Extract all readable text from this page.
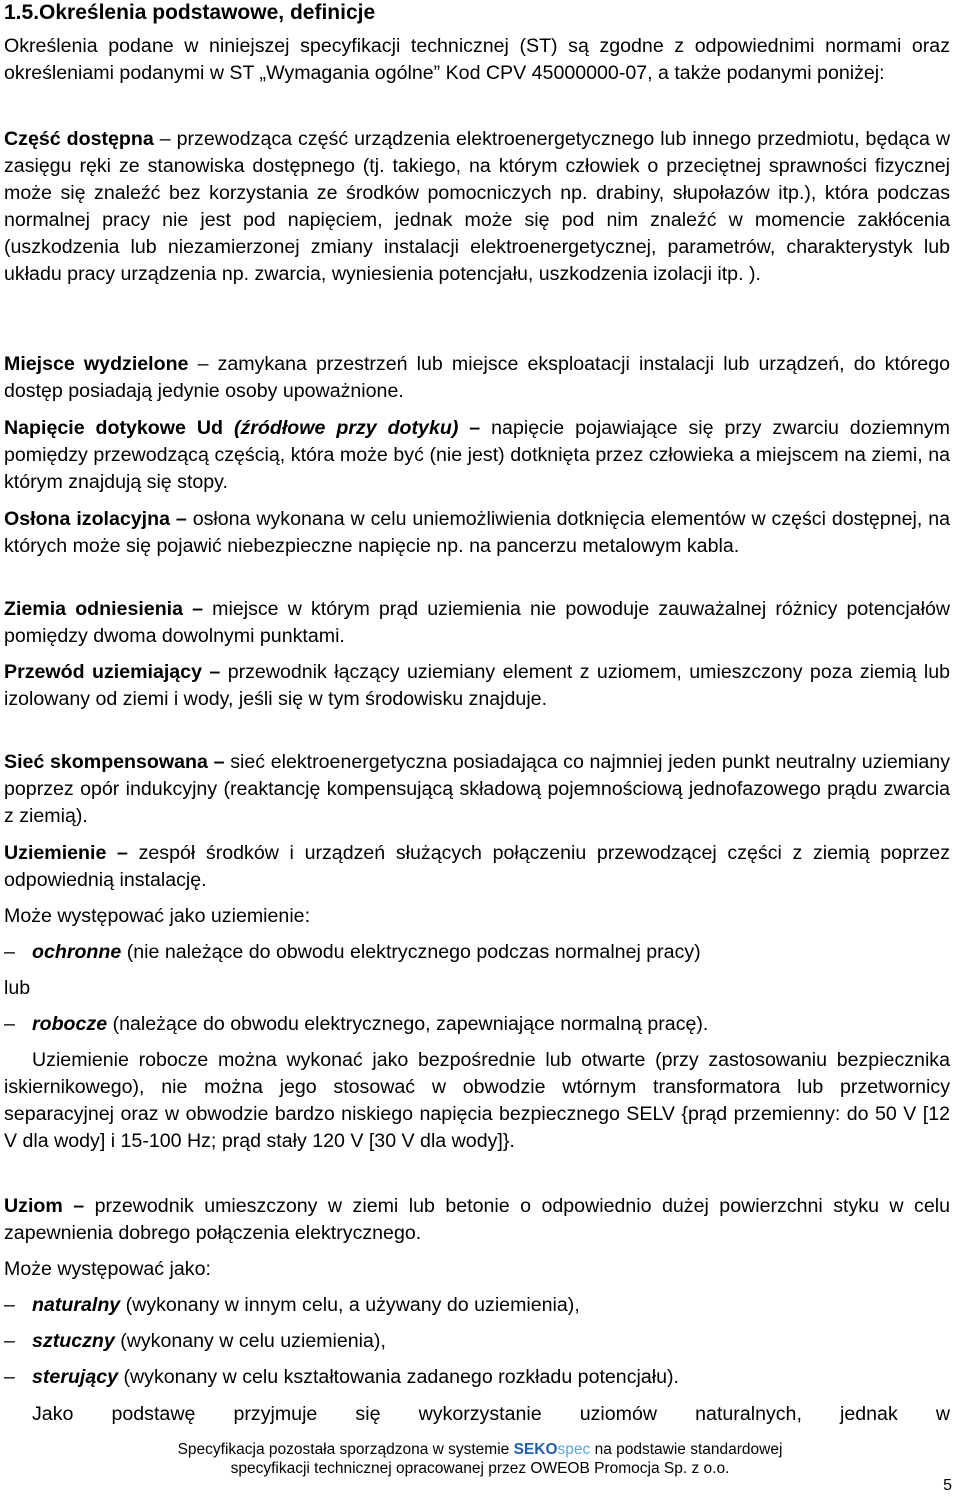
1.5.Określenia podstawowe, definicje

Określenia podane w niniejszej specyfikacji technicznej (ST) są zgodne z odpowiednimi normami oraz określeniami podanymi w ST „Wymagania ogólne” Kod CPV 45000000-07, a także podanymi poniżej:

Część dostępna – przewodząca część urządzenia elektroenergetycznego lub innego przedmiotu, będąca w zasięgu ręki ze stanowiska dostępnego (tj. takiego, na którym człowiek o przeciętnej sprawności fizycznej może się znaleźć bez korzystania ze środków pomocniczych np. drabiny, słupołazów itp.), która podczas normalnej pracy nie jest pod napięciem, jednak może się pod nim znaleźć w momencie zakłócenia (uszkodzenia lub niezamierzonej zmiany instalacji elektroenergetycznej, parametrów, charakterystyk lub układu pracy urządzenia np. zwarcia, wyniesienia potencjału, uszkodzenia izolacji itp. ).

Miejsce wydzielone – zamykana przestrzeń lub miejsce eksploatacji instalacji lub urządzeń, do którego dostęp posiadają jedynie osoby upoważnione.

Napięcie dotykowe Ud (źródłowe przy dotyku) – napięcie pojawiające się przy zwarciu doziemnym pomiędzy przewodzącą częścią, która może być (nie jest) dotknięta przez człowieka a miejscem na ziemi, na którym znajdują się stopy.

Osłona izolacyjna – osłona wykonana w celu uniemożliwienia dotknięcia elementów w części dostępnej, na których może się pojawić niebezpieczne napięcie np. na pancerzu metalowym kabla.

Ziemia odniesienia – miejsce w którym prąd uziemienia nie powoduje zauważalnej różnicy potencjałów pomiędzy dwoma dowolnymi punktami.

Przewód uziemiający – przewodnik łączący uziemiany element z uziomem, umieszczony poza ziemią lub izolowany od ziemi i wody, jeśli się w tym środowisku znajduje.

Sieć skompensowana – sieć elektroenergetyczna posiadająca co najmniej jeden punkt neutralny uziemiany poprzez opór indukcyjny (reaktancję kompensującą składową pojemnościową jednofazowego prądu zwarcia z ziemią).

Uziemienie – zespół środków i urządzeń służących połączeniu przewodzącej części z ziemią poprzez odpowiednią instalację.

Może występować jako uziemienie:

– ochronne (nie należące do obwodu elektrycznego podczas normalnej pracy)

lub

– robocze (należące do obwodu elektrycznego, zapewniające normalną pracę).

Uziemienie robocze można wykonać jako bezpośrednie lub otwarte (przy zastosowaniu bezpiecznika iskiernikowego), nie można jego stosować w obwodzie wtórnym transformatora lub przetwornicy separacyjnej oraz w obwodzie bardzo niskiego napięcia bezpiecznego SELV {prąd przemienny: do 50 V [12 V dla wody] i 15-100 Hz; prąd stały 120 V [30 V dla wody]}.

Uziom – przewodnik umieszczony w ziemi lub betonie o odpowiednio dużej powierzchni styku w celu zapewnienia dobrego połączenia elektrycznego.

Może występować jako:

– naturalny (wykonany w innym celu, a używany do uziemienia),

– sztuczny (wykonany w celu uziemienia),

– sterujący (wykonany w celu kształtowania zadanego rozkładu potencjału).

Jako podstawę przyjmuje się wykorzystanie uziomów naturalnych, jednak w

Specyfikacja pozostała sporządzona w systemie SEKOspec na podstawie standardowej
specyfikacji technicznej opracowanej przez OWEOB Promocja Sp. z o.o.
5
